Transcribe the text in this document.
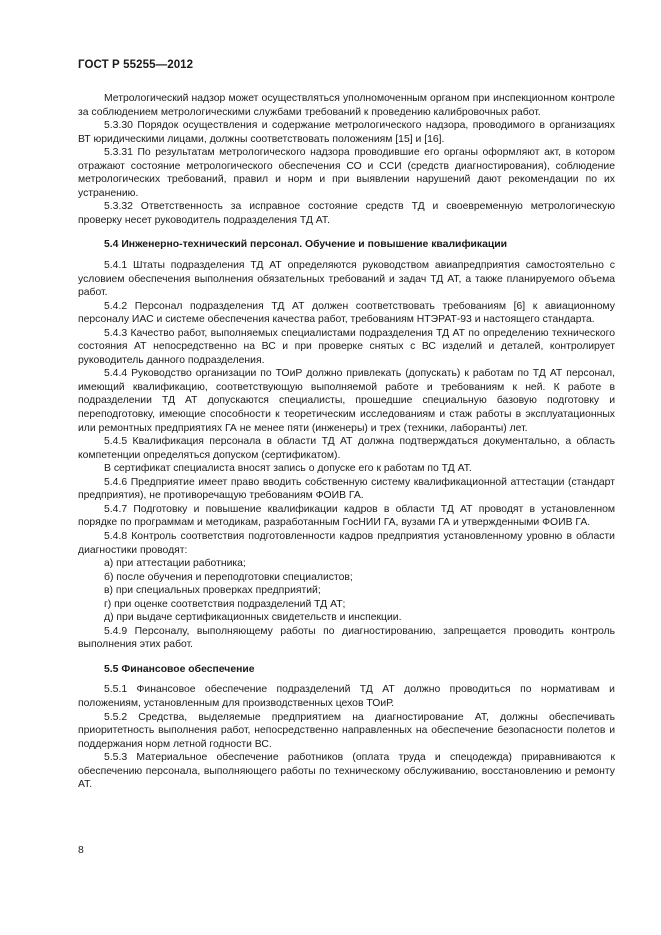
ГОСТ Р 55255—2012
Метрологический надзор может осуществляться уполномоченным органом при инспекционном контроле за соблюдением метрологическими службами требований к проведению калибровочных работ.
5.3.30 Порядок осуществления и содержание метрологического надзора, проводимого в организациях ВТ юридическими лицами, должны соответствовать положениям [15] и [16].
5.3.31 По результатам метрологического надзора проводившие его органы оформляют акт, в котором отражают состояние метрологического обеспечения СО и ССИ (средств диагностирования), соблюдение метрологических требований, правил и норм и при выявлении нарушений дают рекомендации по их устранению.
5.3.32 Ответственность за исправное состояние средств ТД и своевременную метрологическую проверку несет руководитель подразделения ТД АТ.
5.4 Инженерно-технический персонал. Обучение и повышение квалификации
5.4.1 Штаты подразделения ТД АТ определяются руководством авиапредприятия самостоятельно с условием обеспечения выполнения обязательных требований и задач ТД АТ, а также планируемого объема работ.
5.4.2 Персонал подразделения ТД АТ должен соответствовать требованиям [6] к авиационному персоналу ИАС и системе обеспечения качества работ, требованиям НТЭРАТ-93 и настоящего стандарта.
5.4.3 Качество работ, выполняемых специалистами подразделения ТД АТ по определению технического состояния АТ непосредственно на ВС и при проверке снятых с ВС изделий и деталей, контролирует руководитель данного подразделения.
5.4.4 Руководство организации по ТОиР должно привлекать (допускать) к работам по ТД АТ персонал, имеющий квалификацию, соответствующую выполняемой работе и требованиям к ней. К работе в подразделении ТД АТ допускаются специалисты, прошедшие специальную базовую подготовку и переподготовку, имеющие способности к теоретическим исследованиям и стаж работы в эксплуатационных или ремонтных предприятиях ГА не менее пяти (инженеры) и трех (техники, лаборанты) лет.
5.4.5 Квалификация персонала в области ТД АТ должна подтверждаться документально, а область компетенции определяться допуском (сертификатом).
В сертификат специалиста вносят запись о допуске его к работам по ТД АТ.
5.4.6 Предприятие имеет право вводить собственную систему квалификационной аттестации (стандарт предприятия), не противоречащую требованиям ФОИВ ГА.
5.4.7 Подготовку и повышение квалификации кадров в области ТД АТ проводят в установленном порядке по программам и методикам, разработанным ГосНИИ ГА, вузами ГА и утвержденными ФОИВ ГА.
5.4.8 Контроль соответствия подготовленности кадров предприятия установленному уровню в области диагностики проводят:
а) при аттестации работника;
б) после обучения и переподготовки специалистов;
в) при специальных проверках предприятий;
г) при оценке соответствия подразделений ТД АТ;
д) при выдаче сертификационных свидетельств и инспекции.
5.4.9 Персоналу, выполняющему работы по диагностированию, запрещается проводить контроль выполнения этих работ.
5.5 Финансовое обеспечение
5.5.1 Финансовое обеспечение подразделений ТД АТ должно проводиться по нормативам и положениям, установленным для производственных цехов ТОиР.
5.5.2 Средства, выделяемые предприятием на диагностирование АТ, должны обеспечивать приоритетность выполнения работ, непосредственно направленных на обеспечение безопасности полетов и поддержания норм летной годности ВС.
5.5.3 Материальное обеспечение работников (оплата труда и спецодежда) приравниваются к обеспечению персонала, выполняющего работы по техническому обслуживанию, восстановлению и ремонту АТ.
8
